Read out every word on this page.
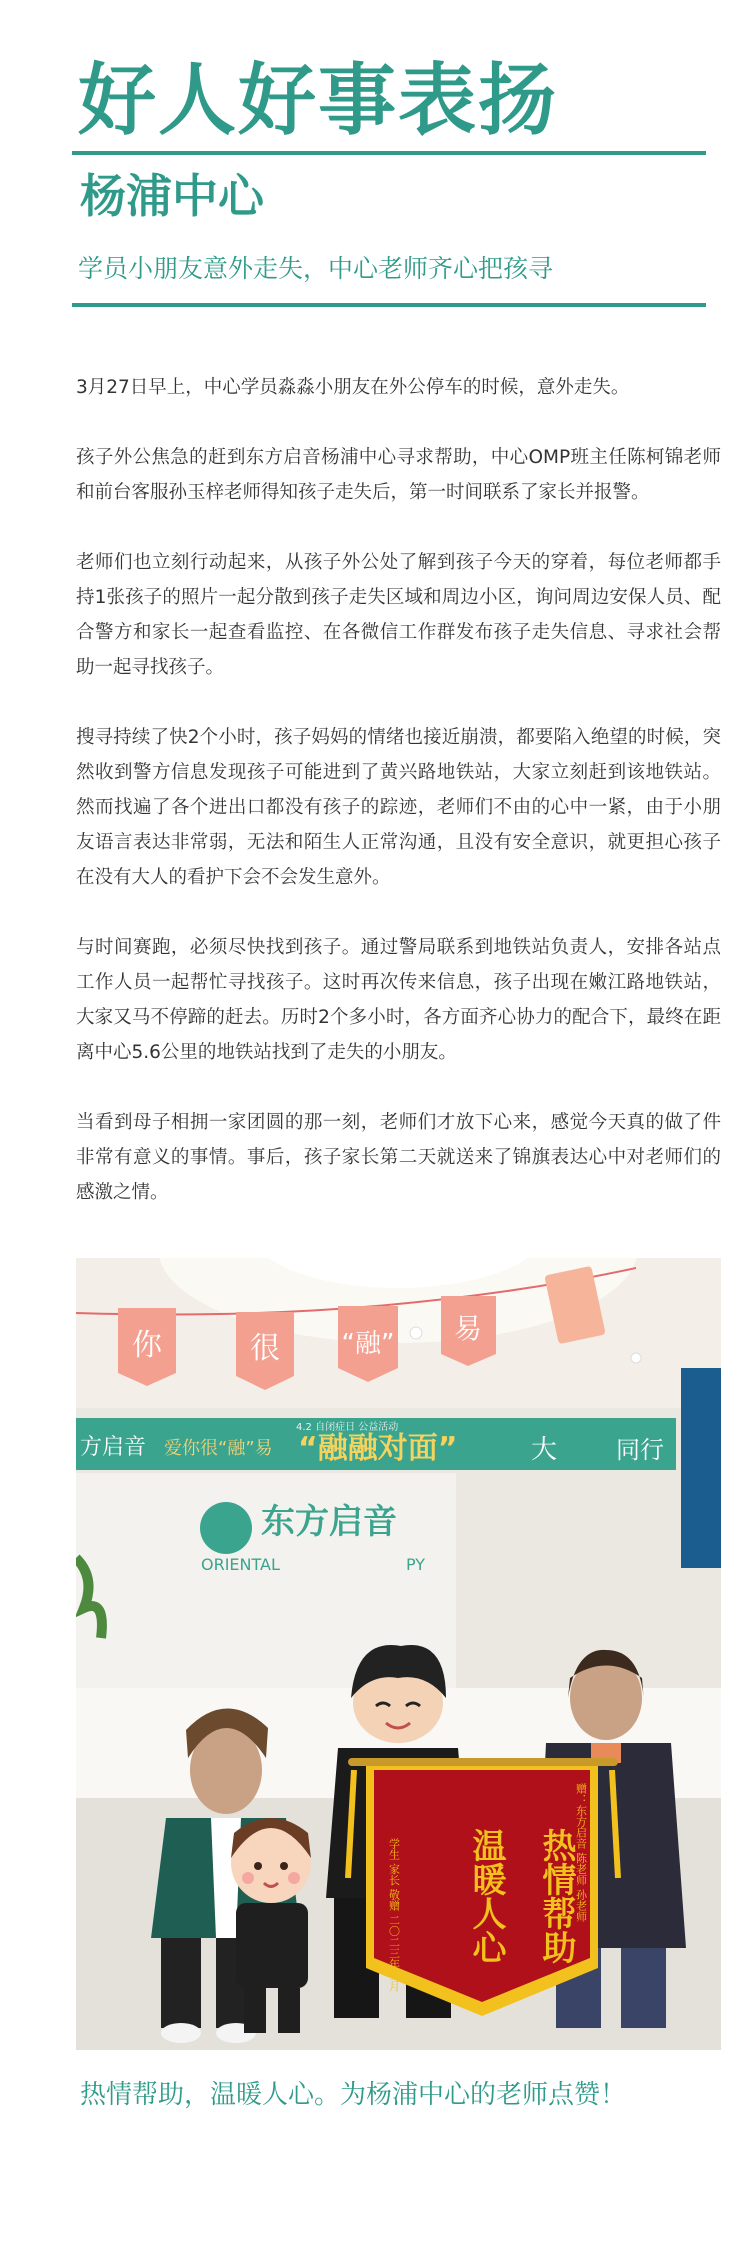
好人好事表扬
杨浦中心
学员小朋友意外走失，中心老师齐心把孩寻

3月27日早上，中心学员淼淼小朋友在外公停车的时候，意外走失。

孩子外公焦急的赶到东方启音杨浦中心寻求帮助，中心OMP班主任陈柯锦老师和前台客服孙玉梓老师得知孩子走失后，第一时间联系了家长并报警。

老师们也立刻行动起来，从孩子外公处了解到孩子今天的穿着，每位老师都手持1张孩子的照片一起分散到孩子走失区域和周边小区，询问周边安保人员、配合警方和家长一起查看监控、在各微信工作群发布孩子走失信息、寻求社会帮助一起寻找孩子。

搜寻持续了快2个小时，孩子妈妈的情绪也接近崩溃，都要陷入绝望的时候，突然收到警方信息发现孩子可能进到了黄兴路地铁站，大家立刻赶到该地铁站。然而找遍了各个进出口都没有孩子的踪迹，老师们不由的心中一紧，由于小朋友语言表达非常弱，无法和陌生人正常沟通，且没有安全意识，就更担心孩子在没有大人的看护下会不会发生意外。

与时间赛跑，必须尽快找到孩子。通过警局联系到地铁站负责人，安排各站点工作人员一起帮忙寻找孩子。这时再次传来信息，孩子出现在嫩江路地铁站，大家又马不停蹄的赶去。历时2个多小时，各方面齐心协力的配合下，最终在距离中心5.6公里的地铁站找到了走失的小朋友。

当看到母子相拥一家团圆的那一刻，老师们才放下心来，感觉今天真的做了件非常有意义的事情。事后，孩子家长第二天就送来了锦旗表达心中对老师们的感激之情。

你	很 “融” 易
方启音 爱你很“融”易
4.2 自闭症日 公益活动
“融融对面”	大 同行
东方启音
ORIENTAL	PY
热情帮助
温暖人心	赠：东方启音 陈老师 孙老师
学生 家长 敬赠 二〇二三年三月
热情帮助，温暖人心。为杨浦中心的老师点赞！
